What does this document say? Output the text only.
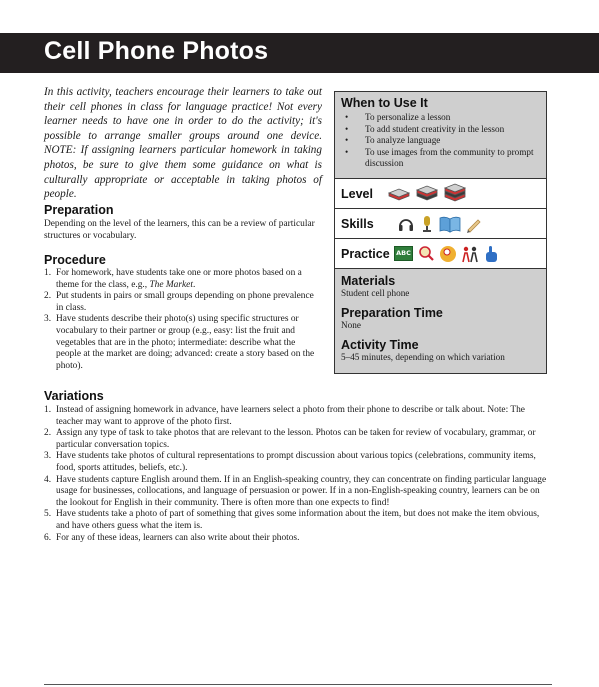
Cell Phone Photos
In this activity, teachers encourage their learners to take out their cell phones in class for language practice! Not every learner needs to have one in order to do the activity; it's possible to arrange smaller groups around one device. NOTE: If assigning learners particular homework in taking photos, be sure to give them some guidance on what is culturally appropriate or acceptable in taking photos of people.
Preparation
Depending on the level of the learners, this can be a review of particular structures or vocabulary.
Procedure
1. For homework, have students take one or more photos based on a theme for the class, e.g., The Market.
2. Put students in pairs or small groups depending on phone prevalence in class.
3. Have students describe their photo(s) using specific structures or vocabulary to their partner or group (e.g., easy: list the fruit and vegetables that are in the photo; intermediate: describe what the people at the market are doing; advanced: create a story based on the photo).
Variations
1. Instead of assigning homework in advance, have learners select a photo from their phone to describe or talk about. Note: The teacher may want to approve of the photo first.
2. Assign any type of task to take photos that are relevant to the lesson. Photos can be taken for review of vocabulary, grammar, or particular conversation topics.
3. Have students take photos of cultural representations to prompt discussion about various topics (celebrations, community items, food, sports attitudes, beliefs, etc.).
4. Have students capture English around them. If in an English-speaking country, they can concentrate on finding particular language usage for businesses, collocations, and language of persuasion or power. If in a non-English-speaking country, learners can be on the lookout for English in their community. There is often more than one expects to find!
5. Have students take a photo of part of something that gives some information about the item, but does not make the item obvious, and have others guess what the item is.
6. For any of these ideas, learners can also write about their photos.
When to Use It
•	To personalize a lesson
•	To add student creativity in the lesson
•	To analyze language
•	To use images from the community to prompt discussion
Level
Skills
Practice ABC
Materials
Student cell phone
Preparation Time
None
Activity Time
5–45 minutes, depending on which variation
